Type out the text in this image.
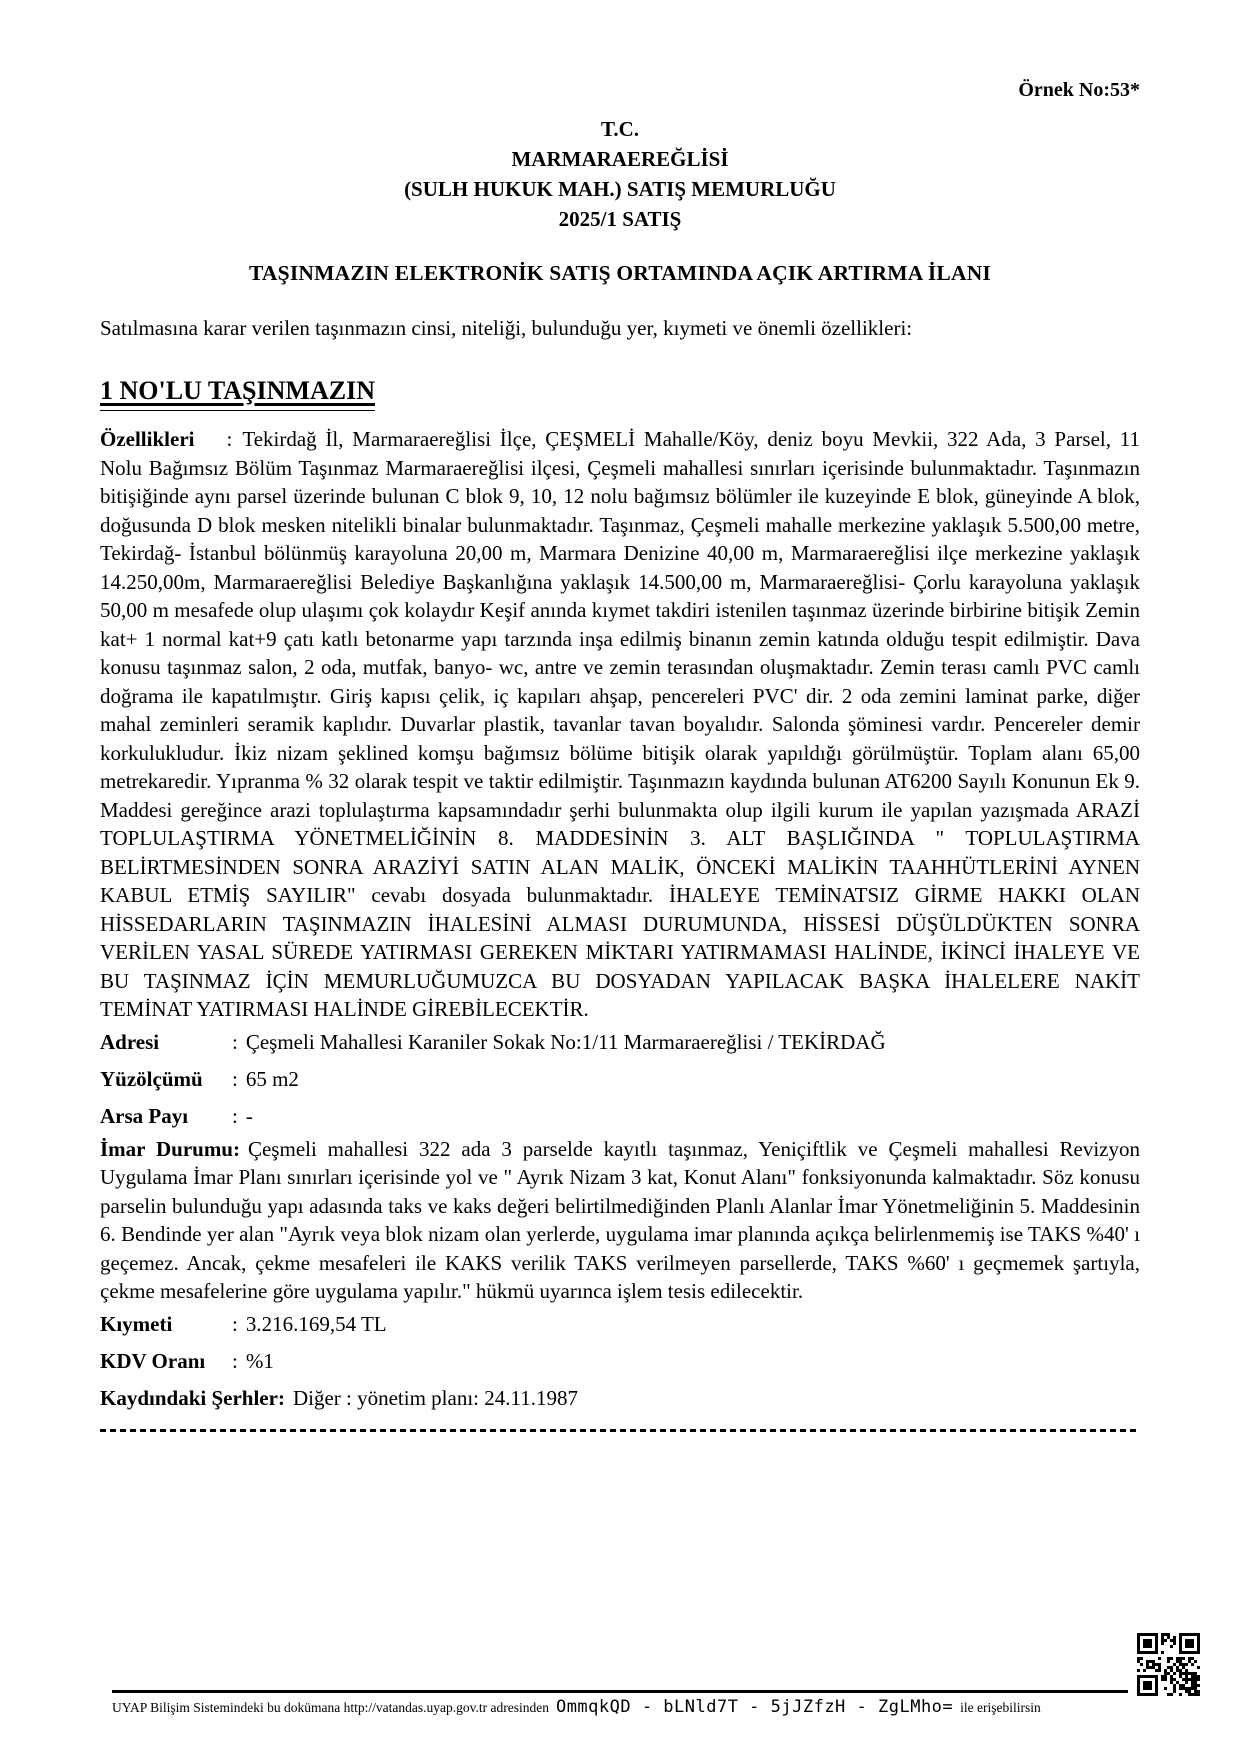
Örnek No:53*
T.C.
MARMARAEREĞLİSİ
(SULH HUKUK MAH.) SATIŞ MEMURLUĞU
2025/1 SATIŞ
TAŞINMAZIN ELEKTRONİK SATIŞ ORTAMINDA AÇIK ARTIRMA İLANI
Satılmasına karar verilen taşınmazın cinsi, niteliği, bulunduğu yer, kıymeti ve önemli özellikleri:
1 NO'LU TAŞINMAZIN

Özellikleri : Tekirdağ İl, Marmaraereğlisi İlçe, ÇEŞMELİ Mahalle/Köy, deniz boyu Mevkii, 322 Ada, 3 Parsel, 11 Nolu Bağımsız Bölüm Taşınmaz Marmaraereğlisi ilçesi, Çeşmeli mahallesi sınırları içerisinde bulunmaktadır. Taşınmazın bitişiğinde aynı parsel üzerinde bulunan C blok 9, 10, 12 nolu bağımsız bölümler ile kuzeyinde E blok, güneyinde A blok, doğusunda D blok mesken nitelikli binalar bulunmaktadır. Taşınmaz, Çeşmeli mahalle merkezine yaklaşık 5.500,00 metre, Tekirdağ- İstanbul bölünmüş karayoluna 20,00 m, Marmara Denizine 40,00 m, Marmaraereğlisi ilçe merkezine yaklaşık 14.250,00m, Marmaraereğlisi Belediye Başkanlığına yaklaşık 14.500,00 m, Marmaraereğlisi- Çorlu karayoluna yaklaşık 50,00 m mesafede olup ulaşımı çok kolaydır Keşif anında kıymet takdiri istenilen taşınmaz üzerinde birbirine bitişik Zemin kat+ 1 normal kat+9 çatı katlı betonarme yapı tarzında inşa edilmiş binanın zemin katında olduğu tespit edilmiştir. Dava konusu taşınmaz salon, 2 oda, mutfak, banyo- wc, antre ve zemin terasından oluşmaktadır. Zemin terası camlı PVC camlı doğrama ile kapatılmıştır. Giriş kapısı çelik, iç kapıları ahşap, pencereleri PVC' dir. 2 oda zemini laminat parke, diğer mahal zeminleri seramik kaplıdır. Duvarlar plastik, tavanlar tavan boyalıdır. Salonda şöminesi vardır. Pencereler demir korkulukludur. İkiz nizam şeklined komşu bağımsız bölüme bitişik olarak yapıldığı görülmüştür. Toplam alanı 65,00 metrekaredir. Yıpranma % 32 olarak tespit ve taktir edilmiştir. Taşınmazın kaydında bulunan AT6200 Sayılı Konunun Ek 9. Maddesi gereğince arazi toplulaştırma kapsamındadır şerhi bulunmakta olup ilgili kurum ile yapılan yazışmada ARAZİ TOPLULAŞTIRMA YÖNETMELİĞİNİN 8. MADDESİNİN 3. ALT BAŞLIĞINDA " TOPLULAŞTIRMA BELİRTMESİNDEN SONRA ARAZİYİ SATIN ALAN MALİK, ÖNCEKİ MALİKİN TAAHHÜTLERİNİ AYNEN KABUL ETMİŞ SAYILIR" cevabı dosyada bulunmaktadır. İHALEYE TEMİNATSIZ GİRME HAKKI OLAN HİSSEDARLARIN TAŞINMAZIN İHALESİNİ ALMASI DURUMUNDA, HİSSESİ DÜŞÜLDÜKTEN SONRA VERİLEN YASAL SÜREDE YATIRMASI GEREKEN MİKTARI YATIRMAMASI HALİNDE, İKİNCİ İHALEYE VE BU TAŞINMAZ İÇİN MEMURLUĞUMUZCA BU DOSYADAN YAPILACAK BAŞKA İHALELERE NAKİT TEMİNAT YATIRMASI HALİNDE GİREBİLECEKTİR.

Adresi	: Çeşmeli Mahallesi Karaniler Sokak No:1/11 Marmaraereğlisi / TEKİRDAĞ
Yüzölçümü : 65 m2
Arsa Payı : -

İmar Durumu: Çeşmeli mahallesi 322 ada 3 parselde kayıtlı taşınmaz, Yeniçiftlik ve Çeşmeli mahallesi Revizyon Uygulama İmar Planı sınırları içerisinde yol ve " Ayrık Nizam 3 kat, Konut Alanı" fonksiyonunda kalmaktadır. Söz konusu parselin bulunduğu yapı adasında taks ve kaks değeri belirtilmediğinden Planlı Alanlar İmar Yönetmeliğinin 5. Maddesinin 6. Bendinde yer alan "Ayrık veya blok nizam olan yerlerde, uygulama imar planında açıkça belirlenmemiş ise TAKS %40' ı geçemez. Ancak, çekme mesafeleri ile KAKS verilik TAKS verilmeyen parsellerde, TAKS %60' ı geçmemek şartıyla, çekme mesafelerine göre uygulama yapılır." hükmü uyarınca işlem tesis edilecektir.

Kıymeti	: 3.216.169,54 TL
KDV Oranı : %1
Kaydındaki Şerhler: Diğer : yönetim planı: 24.11.1987
UYAP Bilişim Sistemindeki bu dokümana http://vatandas.uyap.gov.tr adresinden OmmqkQD - bLNld7T - 5jJZfzH - ZgLMho= ile erişebilirsin
